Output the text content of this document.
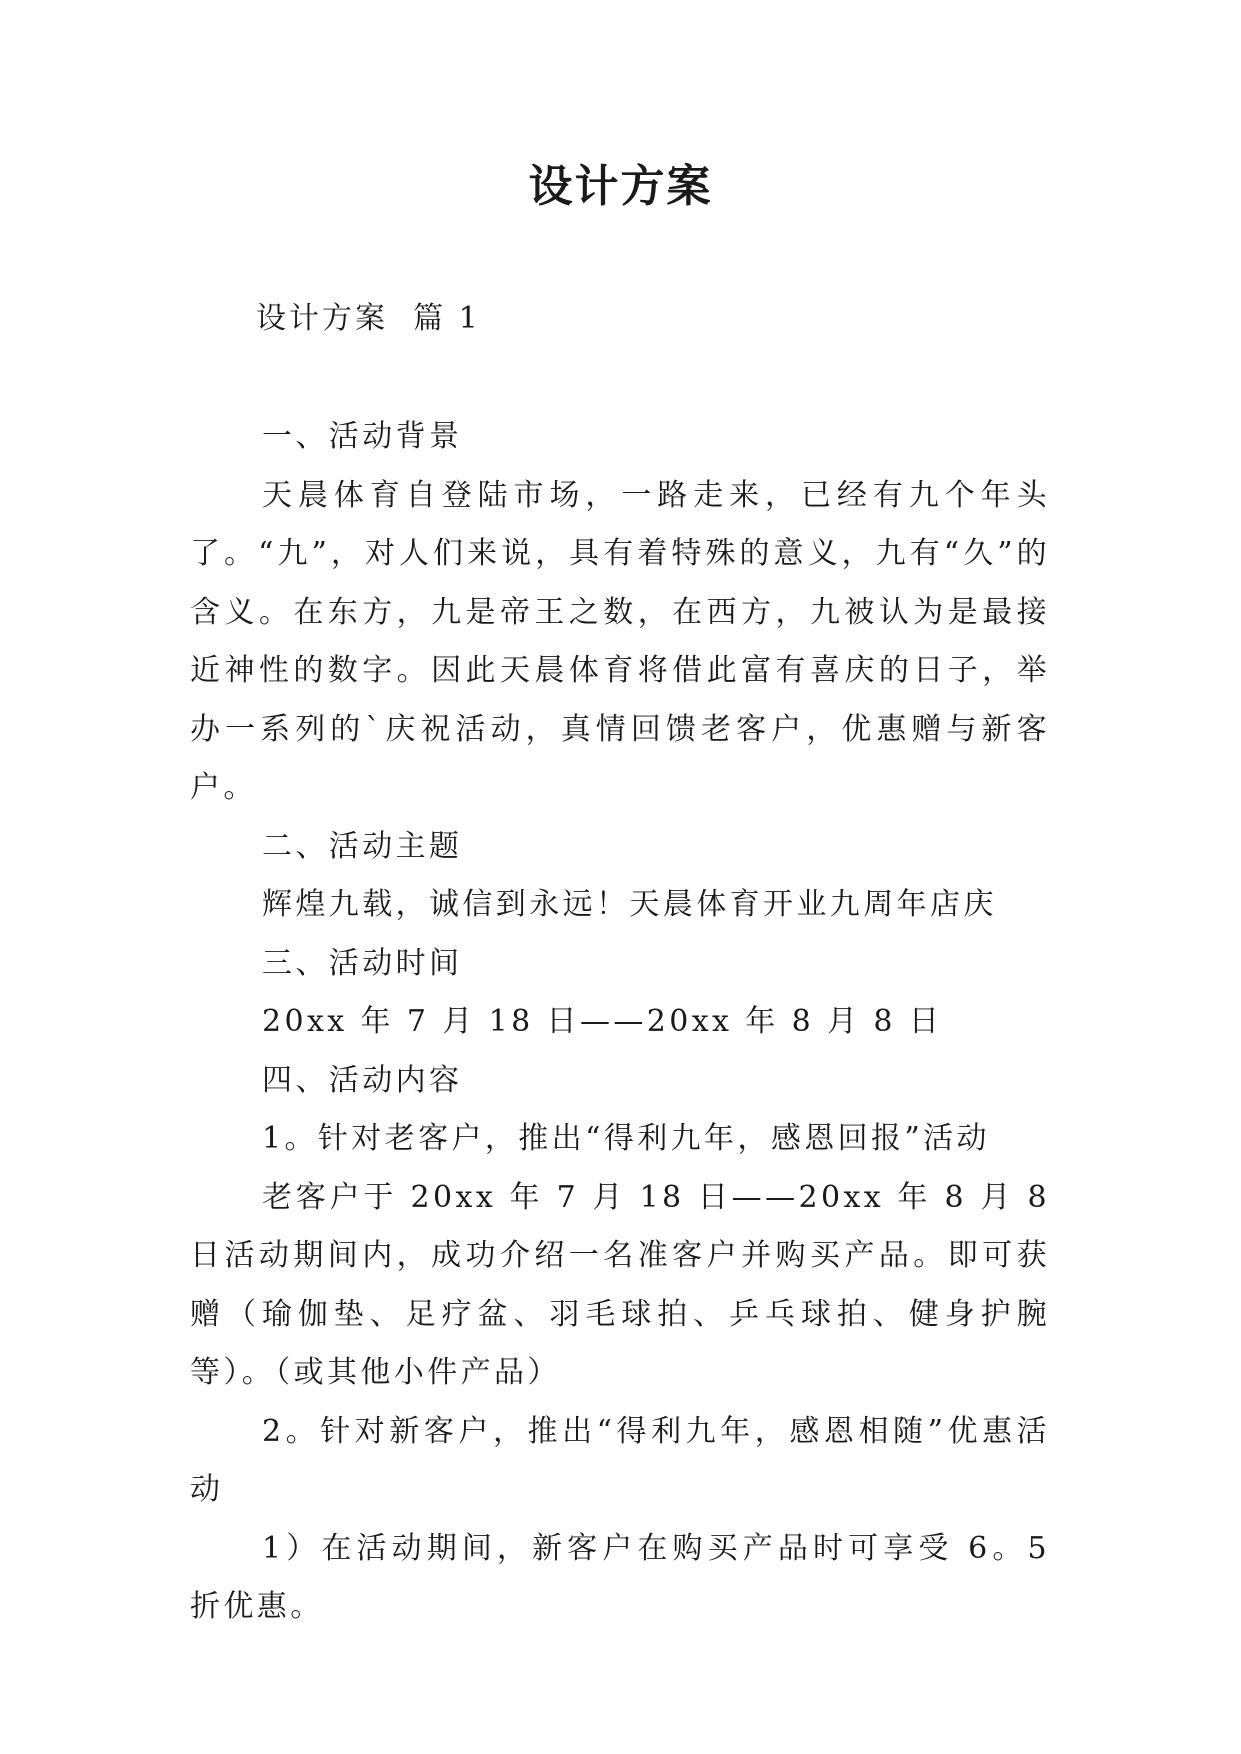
设计方案
设计方案  篇 1

一、活动背景

天晨体育自登陆市场，一路走来，已经有九个年头了。“九”，对人们来说，具有着特殊的意义，九有“久”的含义。在东方，九是帝王之数，在西方，九被认为是最接近神性的数字。因此天晨体育将借此富有喜庆的日子，举办一系列的`庆祝活动，真情回馈老客户，优惠赠与新客户。

二、活动主题

辉煌九载，诚信到永远！天晨体育开业九周年店庆

三、活动时间

20xx 年 7 月 18 日——20xx 年 8 月 8 日

四、活动内容

1。针对老客户，推出“得利九年，感恩回报”活动

老客户于 20xx 年 7 月 18 日——20xx 年 8 月 8 日活动期间内，成功介绍一名准客户并购买产品。即可获赠（瑜伽垫、足疗盆、羽毛球拍、乒乓球拍、健身护腕等）。（或其他小件产品）

2。针对新客户，推出“得利九年，感恩相随”优惠活动

1）在活动期间，新客户在购买产品时可享受 6。5 折优惠。
